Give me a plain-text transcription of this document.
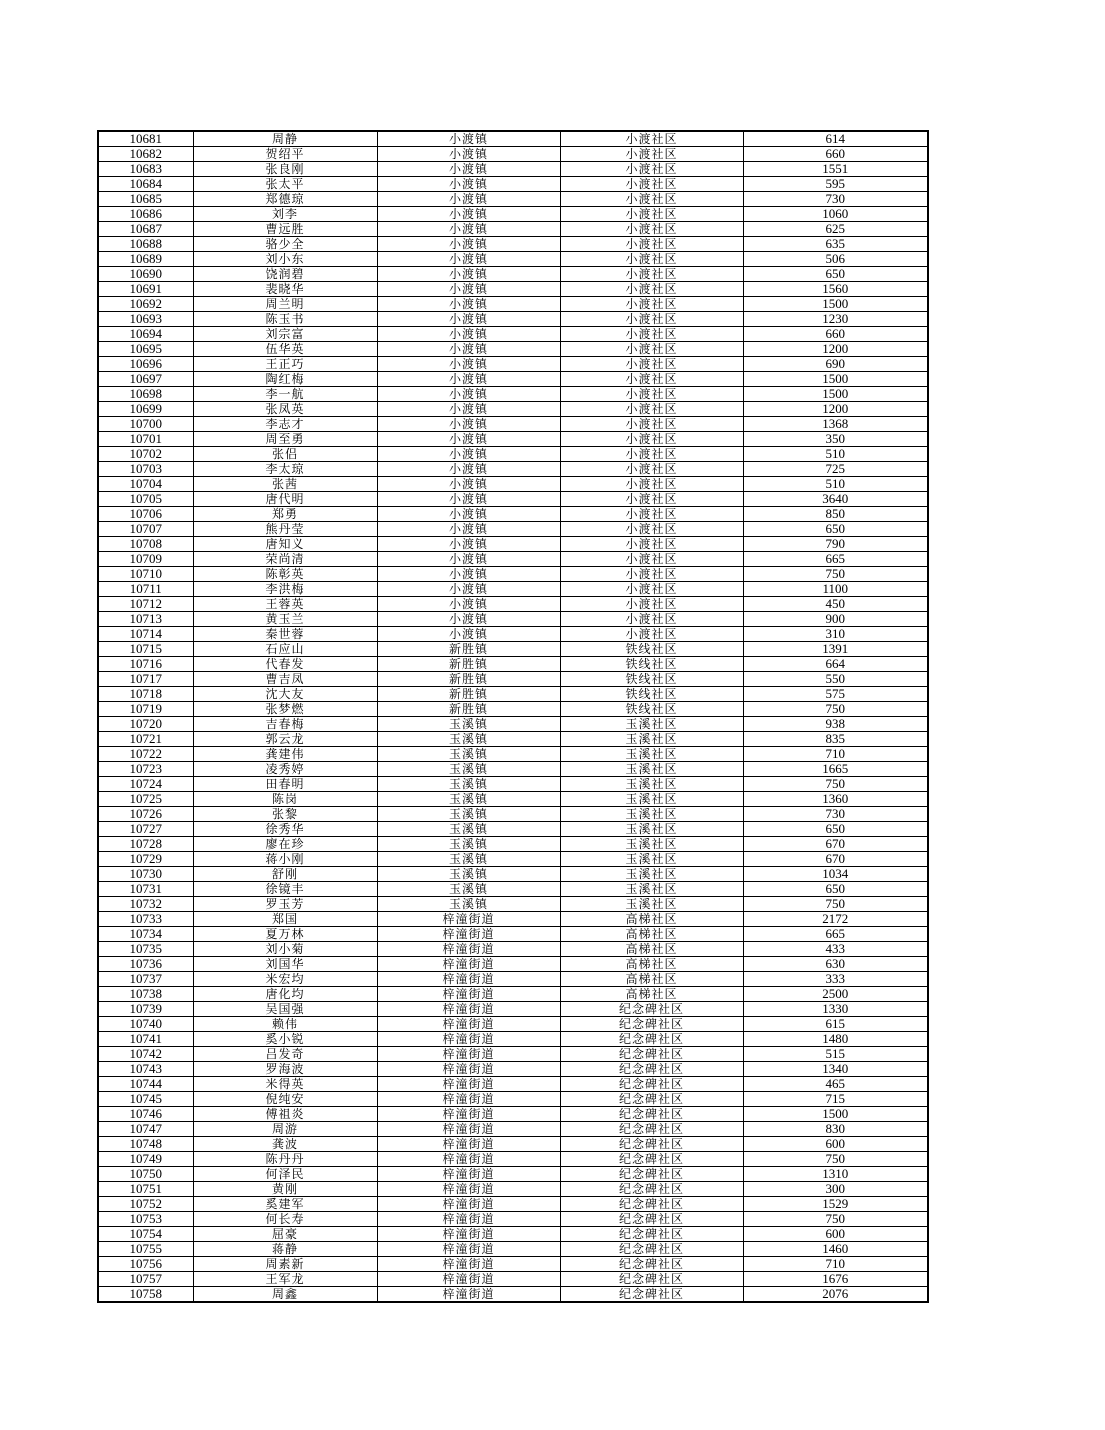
10681	周静	小渡镇	小渡社区	614
10682	贺绍平	小渡镇	小渡社区	660
10683	张良刚	小渡镇	小渡社区	1551
10684	张太平	小渡镇	小渡社区	595
10685	郑德琼	小渡镇	小渡社区	730
10686	刘李	小渡镇	小渡社区	1060
10687	曹远胜	小渡镇	小渡社区	625
10688	骆少全	小渡镇	小渡社区	635
10689	刘小东	小渡镇	小渡社区	506
10690	饶润碧	小渡镇	小渡社区	650
10691	裴晓华	小渡镇	小渡社区	1560
10692	周兰明	小渡镇	小渡社区	1500
10693	陈玉书	小渡镇	小渡社区	1230
10694	刘宗富	小渡镇	小渡社区	660
10695	伍华英	小渡镇	小渡社区	1200
10696	王正巧	小渡镇	小渡社区	690
10697	陶红梅	小渡镇	小渡社区	1500
10698	李一航	小渡镇	小渡社区	1500
10699	张凤英	小渡镇	小渡社区	1200
10700	李志才	小渡镇	小渡社区	1368
10701	周至勇	小渡镇	小渡社区	350
10702	张侣	小渡镇	小渡社区	510
10703	李太琼	小渡镇	小渡社区	725
10704	张茜	小渡镇	小渡社区	510
10705	唐代明	小渡镇	小渡社区	3640
10706	郑勇	小渡镇	小渡社区	850
10707	熊丹莹	小渡镇	小渡社区	650
10708	唐知义	小渡镇	小渡社区	790
10709	荣尚清	小渡镇	小渡社区	665
10710	陈彰英	小渡镇	小渡社区	750
10711	李洪梅	小渡镇	小渡社区	1100
10712	王蓉英	小渡镇	小渡社区	450
10713	黄玉兰	小渡镇	小渡社区	900
10714	秦世蓉	小渡镇	小渡社区	310
10715	石应山	新胜镇	铁线社区	1391
10716	代春发	新胜镇	铁线社区	664
10717	曹吉凤	新胜镇	铁线社区	550
10718	沈大友	新胜镇	铁线社区	575
10719	张梦燃	新胜镇	铁线社区	750
10720	吉春梅	玉溪镇	玉溪社区	938
10721	郭云龙	玉溪镇	玉溪社区	835
10722	龚建伟	玉溪镇	玉溪社区	710
10723	凌秀婷	玉溪镇	玉溪社区	1665
10724	田春明	玉溪镇	玉溪社区	750
10725	陈岗	玉溪镇	玉溪社区	1360
10726	张黎	玉溪镇	玉溪社区	730
10727	徐秀华	玉溪镇	玉溪社区	650
10728	廖在珍	玉溪镇	玉溪社区	670
10729	蒋小刚	玉溪镇	玉溪社区	670
10730	舒刚	玉溪镇	玉溪社区	1034
10731	徐镜丰	玉溪镇	玉溪社区	650
10732	罗玉芳	玉溪镇	玉溪社区	750
10733	郑国	梓潼街道	高梯社区	2172
10734	夏万林	梓潼街道	高梯社区	665
10735	刘小菊	梓潼街道	高梯社区	433
10736	刘国华	梓潼街道	高梯社区	630
10737	米宏均	梓潼街道	高梯社区	333
10738	唐化均	梓潼街道	高梯社区	2500
10739	吴国强	梓潼街道	纪念碑社区	1330
10740	赖伟	梓潼街道	纪念碑社区	615
10741	奚小锐	梓潼街道	纪念碑社区	1480
10742	吕发奇	梓潼街道	纪念碑社区	515
10743	罗海波	梓潼街道	纪念碑社区	1340
10744	米得英	梓潼街道	纪念碑社区	465
10745	倪纯安	梓潼街道	纪念碑社区	715
10746	傅祖炎	梓潼街道	纪念碑社区	1500
10747	周游	梓潼街道	纪念碑社区	830
10748	龚波	梓潼街道	纪念碑社区	600
10749	陈丹丹	梓潼街道	纪念碑社区	750
10750	何泽民	梓潼街道	纪念碑社区	1310
10751	黄刚	梓潼街道	纪念碑社区	300
10752	奚建军	梓潼街道	纪念碑社区	1529
10753	何长寿	梓潼街道	纪念碑社区	750
10754	屈豪	梓潼街道	纪念碑社区	600
10755	蒋静	梓潼街道	纪念碑社区	1460
10756	周素新	梓潼街道	纪念碑社区	710
10757	王军龙	梓潼街道	纪念碑社区	1676
10758	周鑫	梓潼街道	纪念碑社区	2076
